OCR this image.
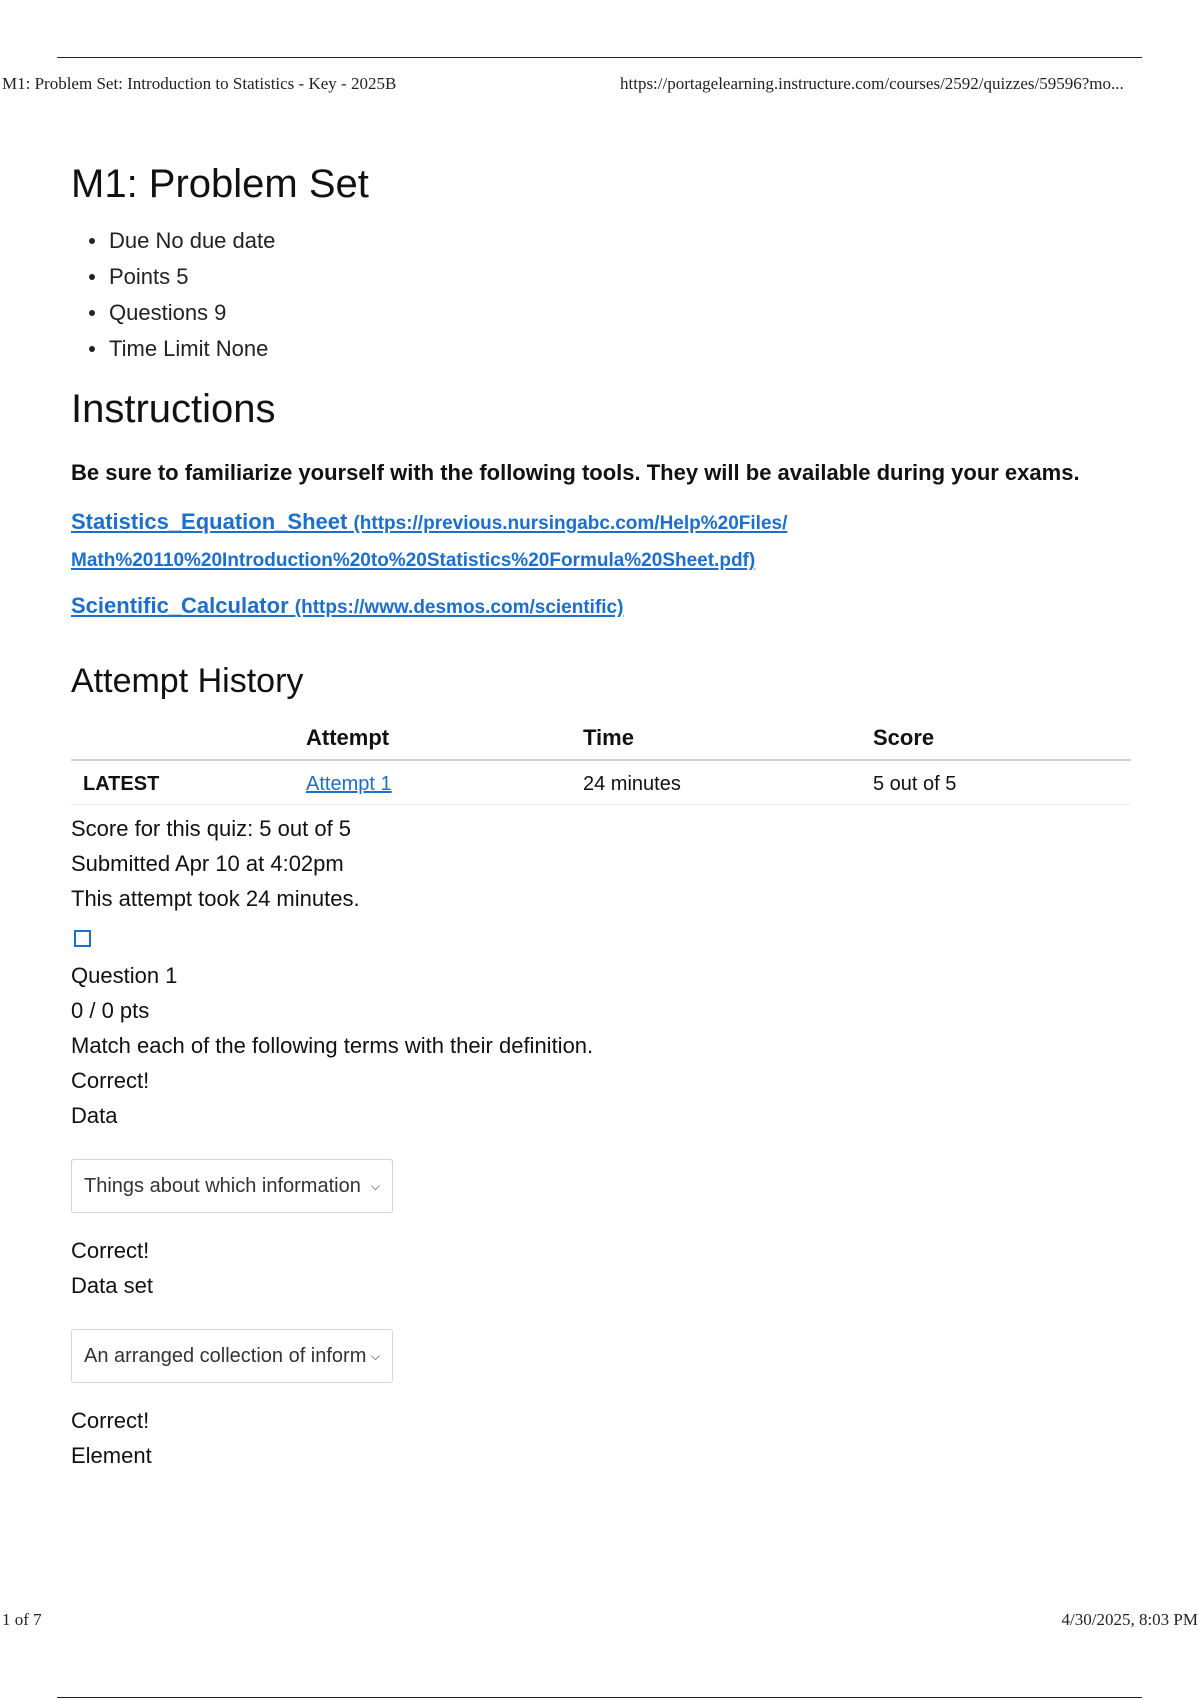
M1: Problem Set: Introduction to Statistics - Key - 2025B	https://portagelearning.instructure.com/courses/2592/quizzes/59596?mo...
M1: Problem Set
Due No due date
Points 5
Questions 9
Time Limit None
Instructions

Be sure to familiarize yourself with the following tools. They will be available during your exams.

Statistics_Equation_Sheet (https://previous.nursingabc.com/Help%20Files/ Math%20110%20Introduction%20to%20Statistics%20Formula%20Sheet.pdf)

Scientific_Calculator (https://www.desmos.com/scientific)

Attempt History
	Attempt	Time	Score
LATEST	Attempt 1	24 minutes	5 out of 5

Score for this quiz: 5 out of 5

Submitted Apr 10 at 4:02pm

This attempt took 24 minutes.

Question 1

0 / 0 pts

Match each of the following terms with their definition.

Correct!

Data

Things about which information ⌵

Correct!

Data set

An arranged collection of inform ⌵

Correct!

Element

1 of 7	4/30/2025, 8:03 PM
